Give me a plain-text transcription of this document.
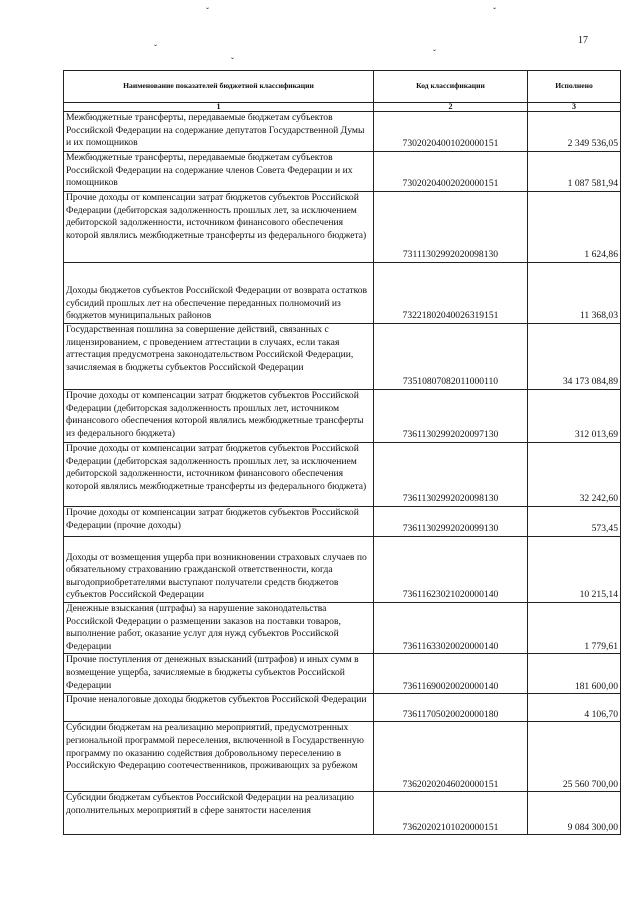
17
ˇ	ˇ
ˇ
ˇ
ˇ
Наименование показателей бюджетной классификации	Код классификации	Исполнено
1	2	3
Межбюджетные трансферты, передаваемые бюджетам субъектов Российской Федерации на содержание депутатов Государственной Думы и их помощников	73020204001020000151	2 349 536,05
Межбюджетные трансферты, передаваемые бюджетам субъектов Российской Федерации на содержание членов Совета Федерации и их помощников	73020204002020000151	1 087 581,94
Прочие доходы от компенсации затрат бюджетов субъектов Российской Федерации (дебиторская задолженность прошлых лет, за исключением дебиторской задолженности, источником финансового обеспечения которой являлись межбюджетные трансферты из федерального бюджета)	73111302992020098130	1 624,86
Доходы бюджетов субъектов Российской Федерации от возврата остатков субсидий прошлых лет на обеспечение переданных полномочий из бюджетов муниципальных районов	73221802040026319151	11 368,03
Государственная пошлина за совершение действий, связанных с лицензированием, с проведением аттестации в случаях, если такая аттестация предусмотрена законодательством Российской Федерации, зачисляемая в бюджеты субъектов Российской Федерации	73510807082011000110	34 173 084,89
Прочие доходы от компенсации затрат бюджетов субъектов Российской Федерации (дебиторская задолженность прошлых лет, источником финансового обеспечения которой являлись межбюджетные трансферты из федерального бюджета)	73611302992020097130	312 013,69
Прочие доходы от компенсации затрат бюджетов субъектов Российской Федерации (дебиторская задолженность прошлых лет, за исключением дебиторской задолженности, источником финансового обеспечения которой являлись межбюджетные трансферты из федерального бюджета)	73611302992020098130	32 242,60
Прочие доходы от компенсации затрат бюджетов субъектов Российской Федерации (прочие доходы)	73611302992020099130	573,45
Доходы от возмещения ущерба при возникновении страховых случаев по обязательному страхованию гражданской ответственности, когда выгодоприобретателями выступают получатели средств бюджетов субъектов Российской Федерации	73611623021020000140	10 215,14
Денежные взыскания (штрафы) за нарушение законодательства Российской Федерации о размещении заказов на поставки товаров, выполнение работ, оказание услуг для нужд субъектов Российской Федерации	73611633020020000140	1 779,61
Прочие поступления от денежных взысканий (штрафов) и иных сумм в возмещение ущерба, зачисляемые в бюджеты субъектов Российской Федерации	73611690020020000140	181 600,00
Прочие неналоговые доходы бюджетов субъектов Российской Федерации	73611705020020000180	4 106,70
Субсидии бюджетам на реализацию мероприятий, предусмотренных региональной программой переселения, включенной в Государственную программу по оказанию содействия добровольному переселению в Российскую Федерацию соотечественников, проживающих за рубежом	73620202046020000151	25 560 700,00
Субсидии бюджетам субъектов Российской Федерации на реализацию дополнительных мероприятий в сфере занятости населения	73620202101020000151	9 084 300,00
